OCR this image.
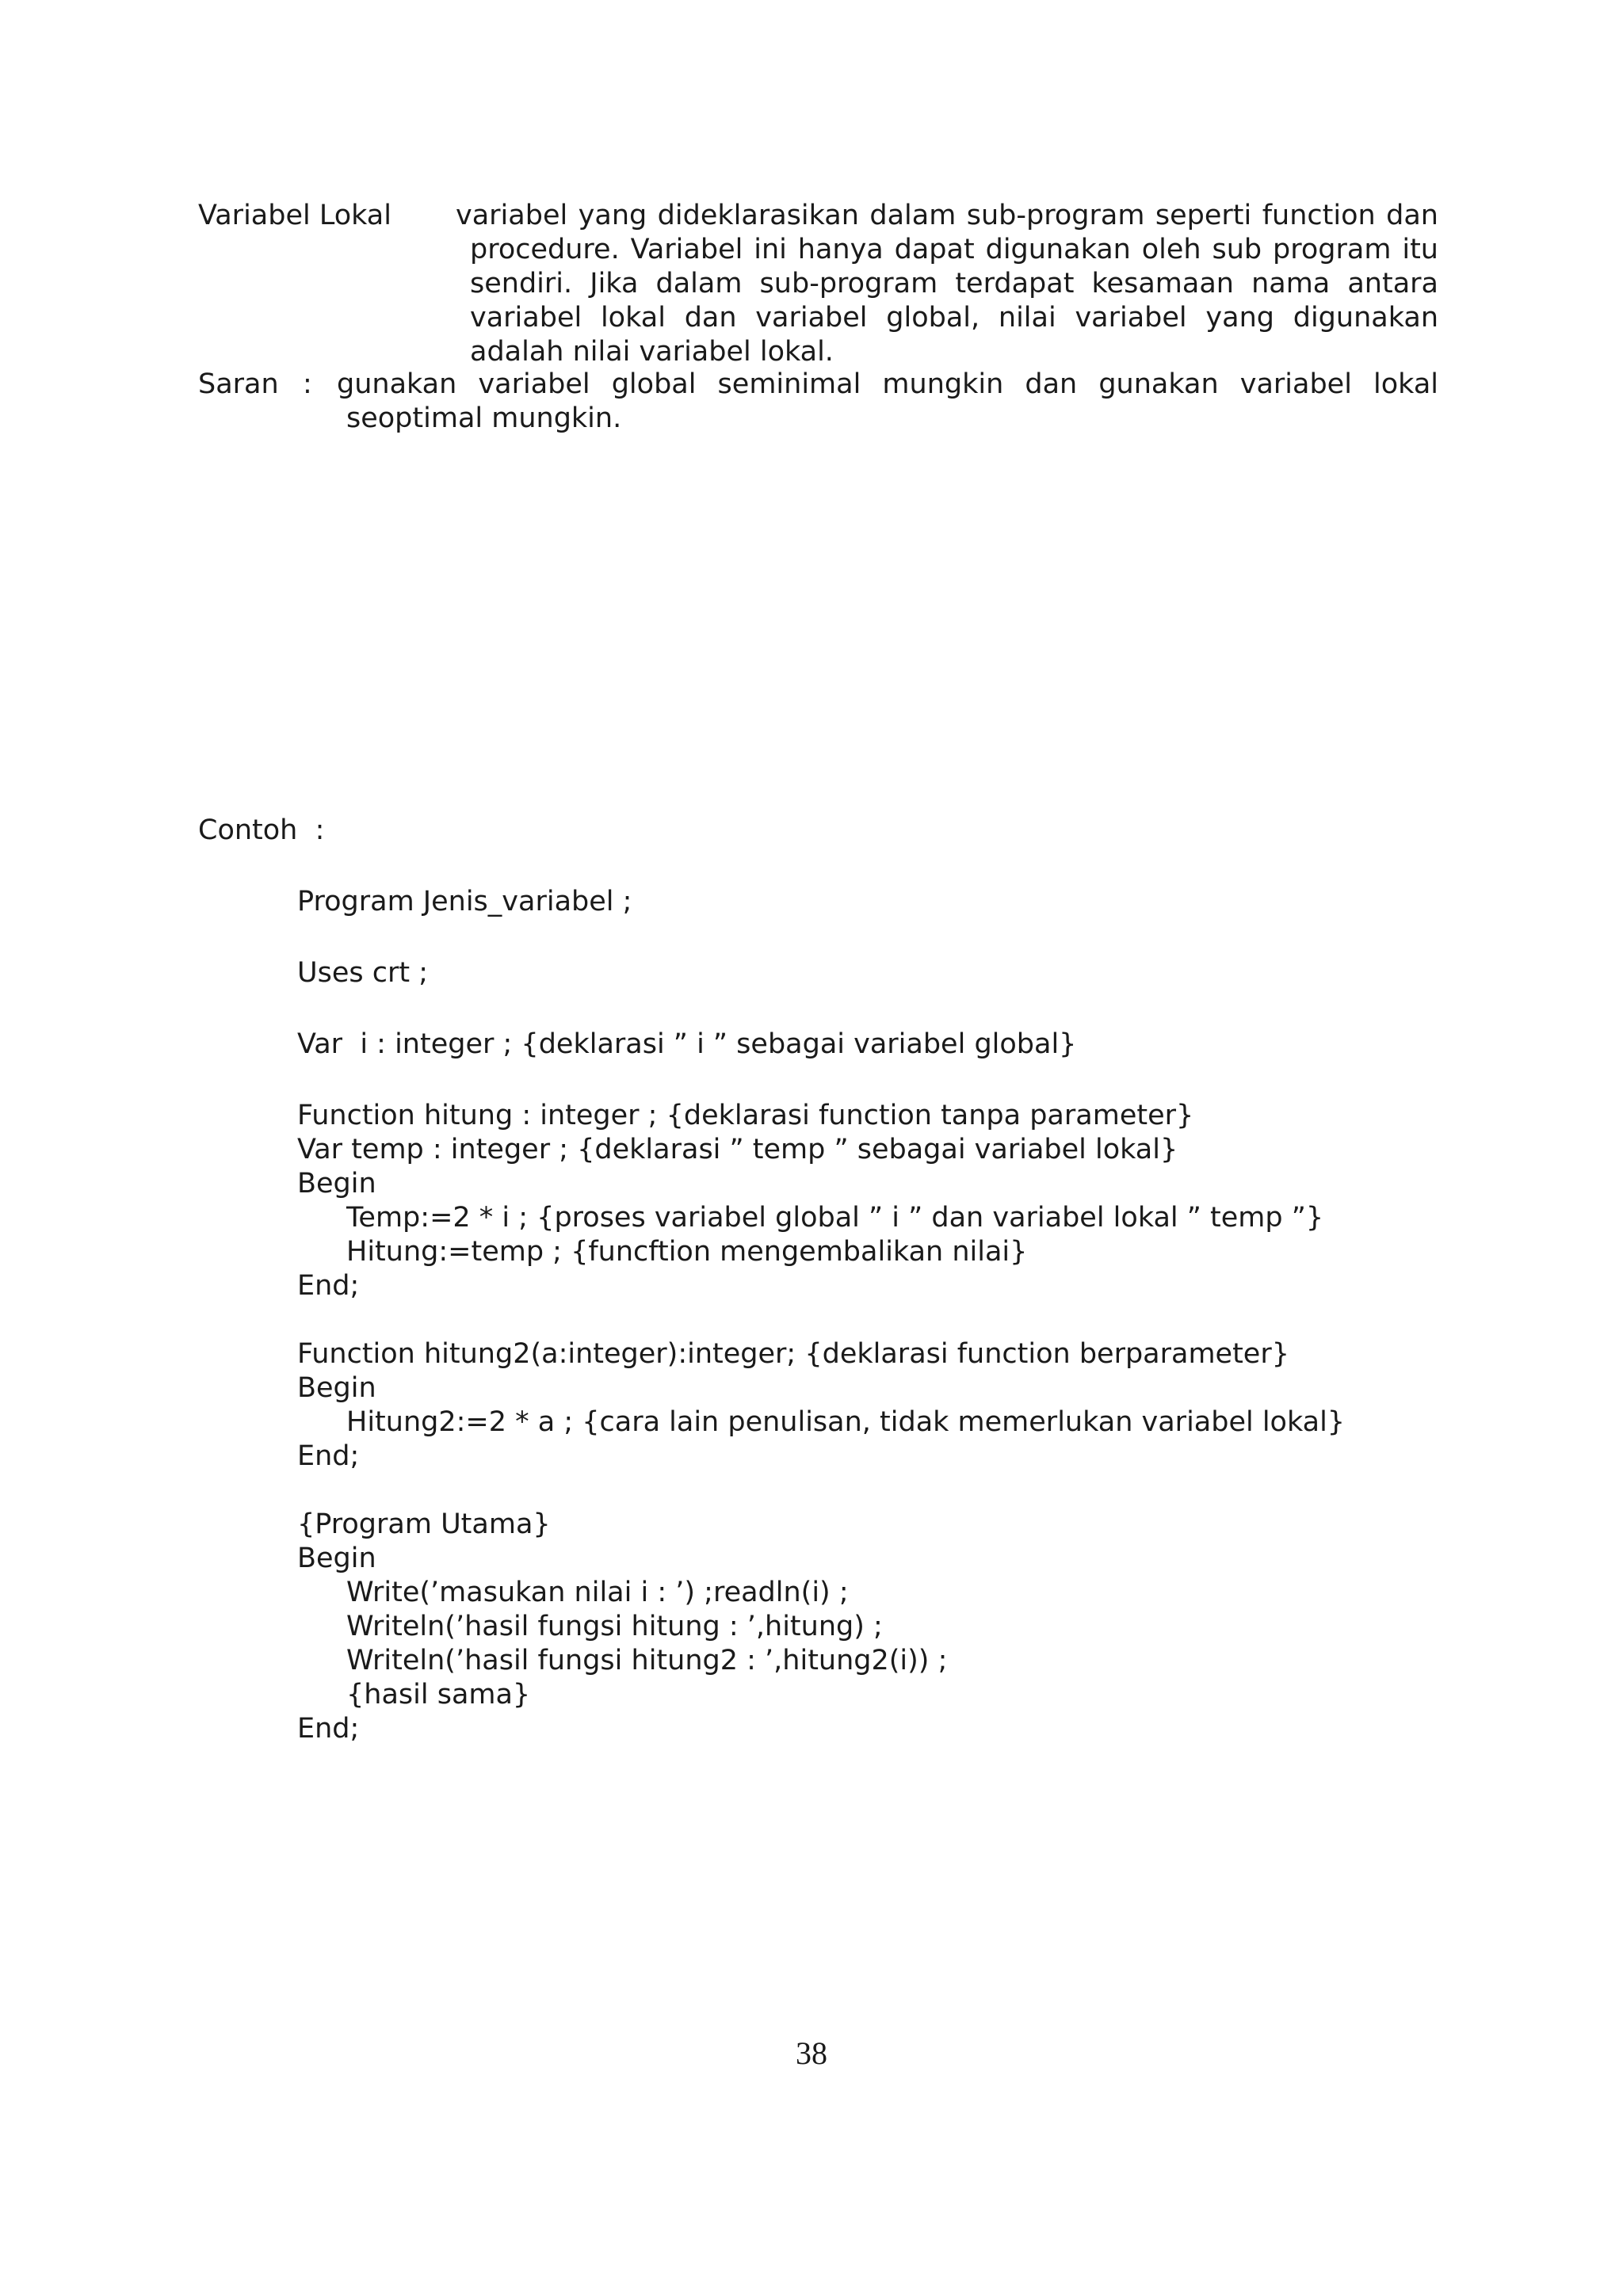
Variabel Lokal variabel yang dideklarasikan dalam sub-program seperti function dan
procedure. Variabel ini hanya dapat digunakan oleh sub program itu
sendiri. Jika dalam sub-program terdapat kesamaan nama antara
variabel lokal dan variabel global, nilai variabel yang digunakan
adalah nilai variabel lokal.
Saran : gunakan variabel global seminimal mungkin dan gunakan variabel lokal
seoptimal mungkin.
Contoh  :
Program Jenis_variabel ;
Uses crt ;
Var  i : integer ; {deklarasi ” i ” sebagai variabel global}
Function hitung : integer ; {deklarasi function tanpa parameter}
Var temp : integer ; {deklarasi ” temp ” sebagai variabel lokal}
Begin
Temp:=2 * i ; {proses variabel global ” i ” dan variabel lokal ” temp ”}
Hitung:=temp ; {funcftion mengembalikan nilai}
End;
Function hitung2(a:integer):integer; {deklarasi function berparameter}
Begin
Hitung2:=2 * a ; {cara lain penulisan, tidak memerlukan variabel lokal}
End;
{Program Utama}
Begin
Write(’masukan nilai i : ’) ;readln(i) ;
Writeln(’hasil fungsi hitung : ’,hitung) ;
Writeln(’hasil fungsi hitung2 : ’,hitung2(i)) ;
{hasil sama}
End;
38
